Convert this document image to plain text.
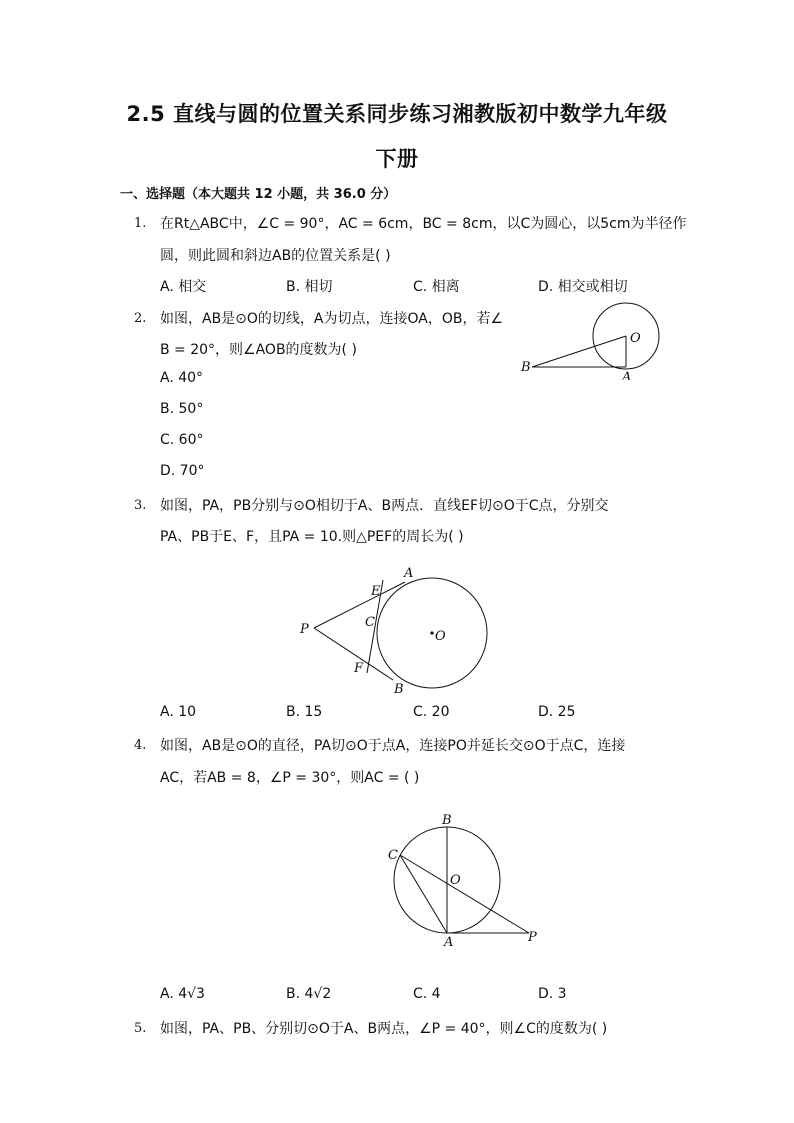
2.5 直线与圆的位置关系同步练习湘教版初中数学九年级
下册
一、选择题（本大题共 12 小题，共 36.0 分）
1. 在Rt△ABC中，∠C = 90°，AC = 6cm，BC = 8cm，以C为圆心，以5cm为半径作
圆，则此圆和斜边AB的位置关系是( )
A. 相交	B. 相切	C. 相离	D. 相交或相切
2. 如图，AB是⊙O的切线，A为切点，连接OA，OB，若∠
B = 20°，则∠AOB的度数为( )
A. 40°
B. 50°
C. 60°
D. 70°
O
B
A
3. 如图，PA，PB分别与⊙O相切于A、B两点．直线EF切⊙O于C点，分别交
PA、PB于E、F，且PA = 10.则△PEF的周长为( )
P
E
A
C
O
F
B
A. 10	B. 15	C. 20	D. 25
4. 如图，AB是⊙O的直径，PA切⊙O于点A，连接PO并延长交⊙O于点C，连接
AC，若AB = 8，∠P = 30°，则AC = ( )
B
C
O
A	P
A. 4√3	B. 4√2	C. 4	D. 3
5. 如图，PA、PB、分别切⊙O于A、B两点，∠P = 40°，则∠C的度数为( )
